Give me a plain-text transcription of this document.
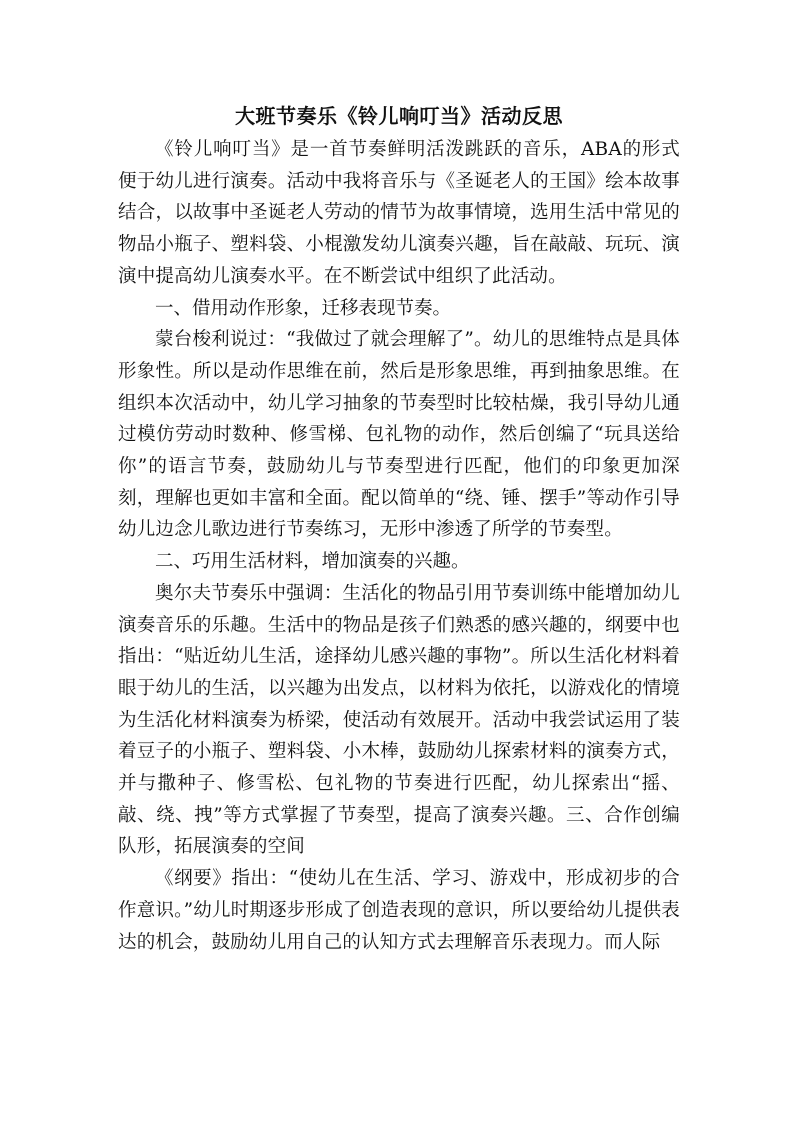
大班节奏乐《铃儿响叮当》活动反思

《铃儿响叮当》是一首节奏鲜明活泼跳跃的音乐，ABA的形式便于幼儿进行演奏。活动中我将音乐与《圣诞老人的王国》绘本故事结合，以故事中圣诞老人劳动的情节为故事情境，选用生活中常见的物品小瓶子、塑料袋、小棍激发幼儿演奏兴趣，旨在敲敲、玩玩、演演中提高幼儿演奏水平。在不断尝试中组织了此活动。

一、借用动作形象，迁移表现节奏。

蒙台梭利说过：“我做过了就会理解了”。幼儿的思维特点是具体形象性。所以是动作思维在前，然后是形象思维，再到抽象思维。在组织本次活动中，幼儿学习抽象的节奏型时比较枯燥，我引导幼儿通过模仿劳动时数种、修雪梯、包礼物的动作，然后创编了“玩具送给你”的语言节奏，鼓励幼儿与节奏型进行匹配，他们的印象更加深刻，理解也更如丰富和全面。配以简单的“绕、锤、摆手”等动作引导幼儿边念儿歌边进行节奏练习，无形中渗透了所学的节奏型。

二、巧用生活材料，增加演奏的兴趣。

奥尔夫节奏乐中强调：生活化的物品引用节奏训练中能增加幼儿演奏音乐的乐趣。生活中的物品是孩子们熟悉的感兴趣的，纲要中也指出：“贴近幼儿生活，途择幼儿感兴趣的事物”。所以生活化材料着眼于幼儿的生活，以兴趣为出发点，以材料为依托，以游戏化的情境为生活化材料演奏为桥梁，使活动有效展开。活动中我尝试运用了装着豆子的小瓶子、塑料袋、小木棒，鼓励幼儿探索材料的演奏方式，并与撒种子、修雪松、包礼物的节奏进行匹配，幼儿探索出“摇、敲、绕、拽”等方式掌握了节奏型，提高了演奏兴趣。三、合作创编队形，拓展演奏的空间

《纲要》指出：“使幼儿在生活、学习、游戏中，形成初步的合作意识。”幼儿时期逐步形成了创造表现的意识，所以要给幼儿提供表达的机会，鼓励幼儿用自己的认知方式去理解音乐表现力。而人际
